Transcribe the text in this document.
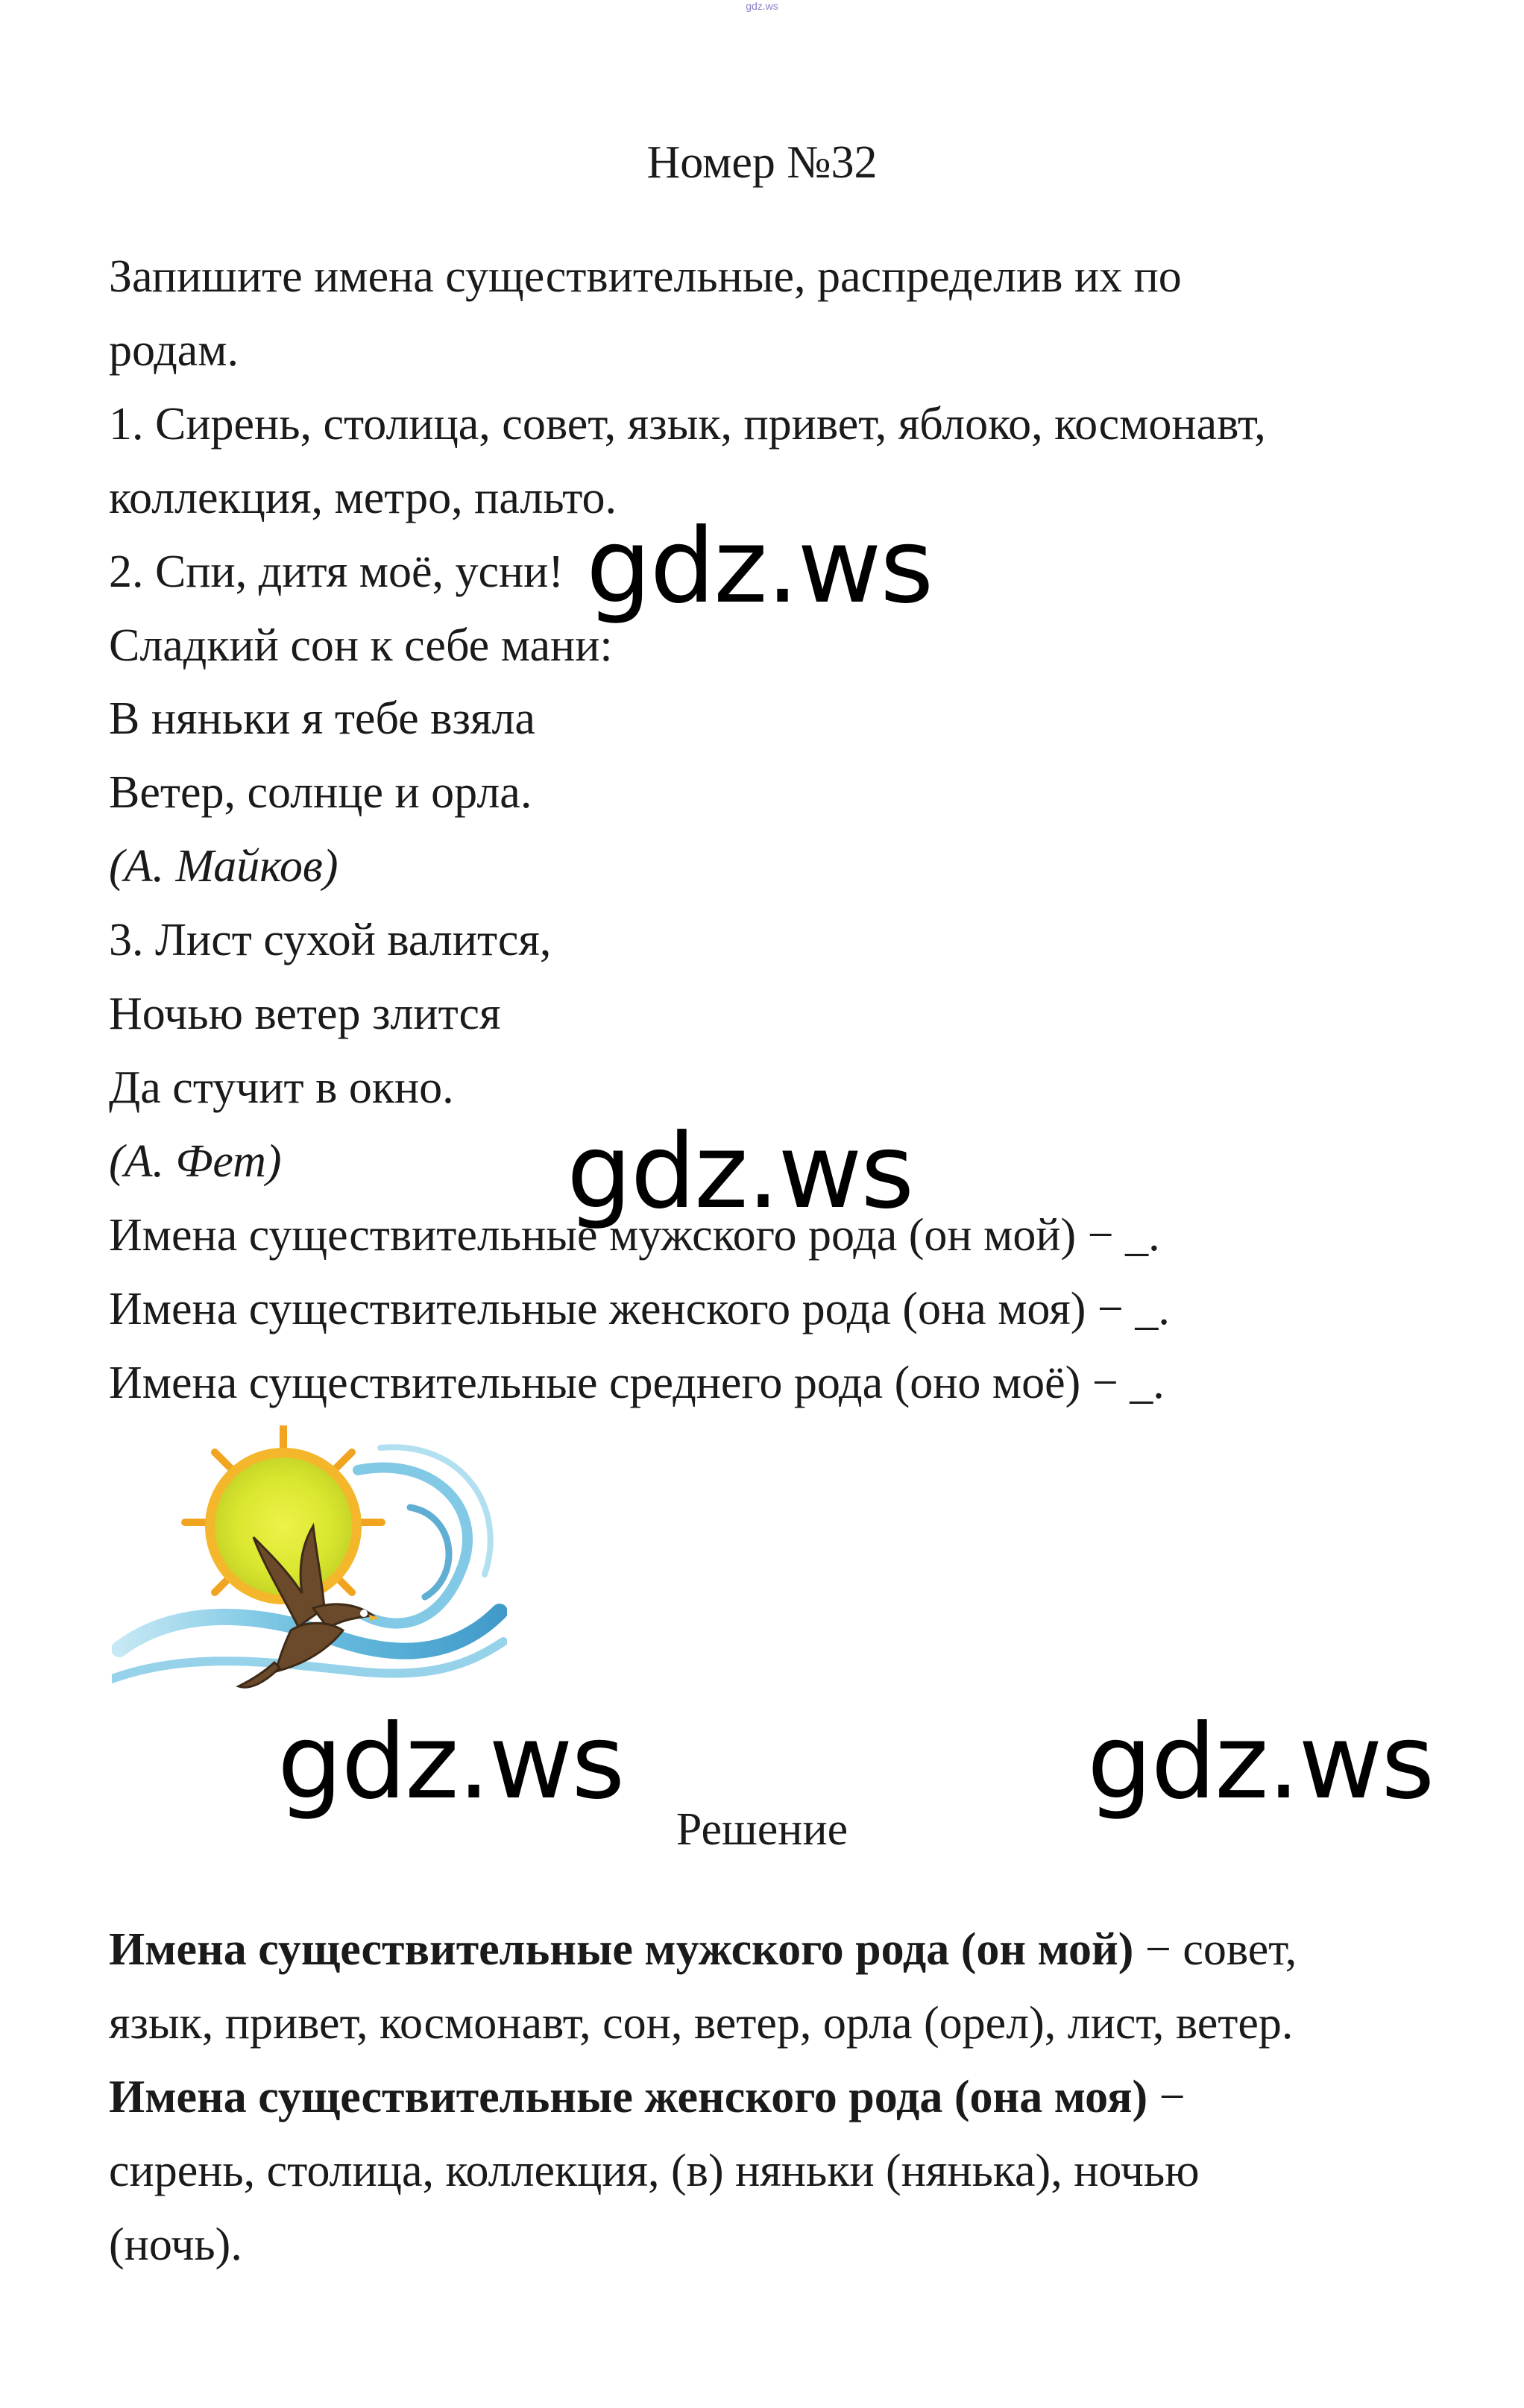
gdz.ws
Номер №32
Запишите имена существительные, распределив их по
родам.
1. Сирень, столица, совет, язык, привет, яблоко, космонавт,
коллекция, метро, пальто.
2. Спи, дитя моё, усни!
Сладкий сон к себе мани:
В няньки я тебе взяла
Ветер, солнце и орла.
(А. Майков)
3. Лист сухой валится,
Ночью ветер злится
Да стучит в окно.
(А. Фет)
Имена существительные мужского рода (он мой) − _.
Имена существительные женского рода (она моя) − _.
Имена существительные среднего рода (оно моё) − _.
gdz.ws
gdz.ws
gdz.ws	gdz.ws
Решение
Имена существительные мужского рода (он мой) − совет,
язык, привет, космонавт, сон, ветер, орла (орел), лист, ветер.
Имена существительные женского рода (она моя) −
сирень, столица, коллекция, (в) няньки (нянька), ночью
(ночь).
